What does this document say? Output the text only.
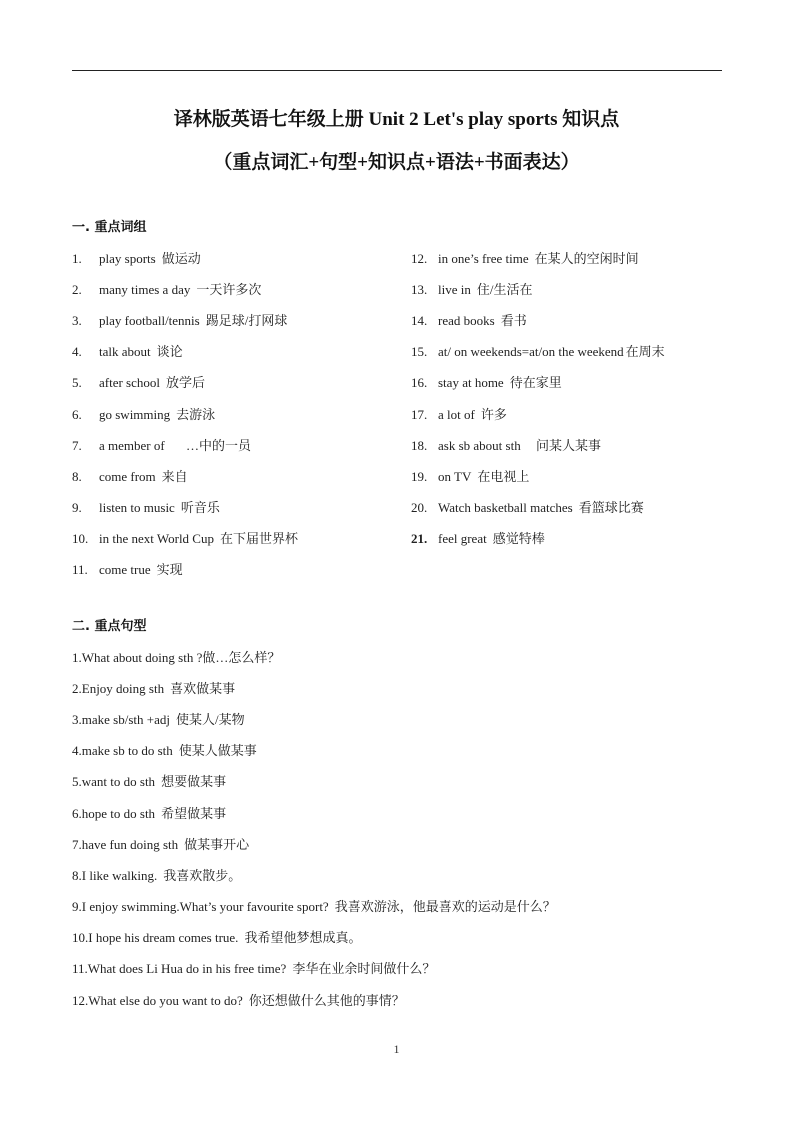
译林版英语七年级上册 Unit 2 Let's play sports 知识点
（重点词汇+句型+知识点+语法+书面表达）
一. 重点词组
1. play sports 做运动
2. many times a day 一天许多次
3. play football/tennis 踢足球/打网球
4. talk about 谈论
5. after school 放学后
6. go swimming 去游泳
7. a member of …中的一员
8. come from 来自
9. listen to music 听音乐
10. in the next World Cup 在下届世界杯
11. come true 实现
12. in one’s free time 在某人的空闲时间
13. live in 住/生活在
14. read books 看书
15. at/ on weekends=at/on the weekend 在周末
16. stay at home 待在家里
17. a lot of 许多
18. ask sb about sth 问某人某事
19. on TV 在电视上
20. Watch basketball matches 看篮球比赛
21. feel great 感觉特棒
二. 重点句型
1.What about doing sth ?做…怎么样？
2.Enjoy doing sth 喜欢做某事
3.make sb/sth +adj 使某人/某物
4.make sb to do sth 使某人做某事
5.want to do sth 想要做某事
6.hope to do sth 希望做某事
7.have fun doing sth 做某事开心
8.I like walking. 我喜欢散步。
9.I enjoy swimming.What’s your favourite sport? 我喜欢游泳，他最喜欢的运动是什么？
10.I hope his dream comes true. 我希望他梦想成真。
11.What does Li Hua do in his free time? 李华在业余时间做什么？
12.What else do you want to do? 你还想做什么其他的事情？
1
